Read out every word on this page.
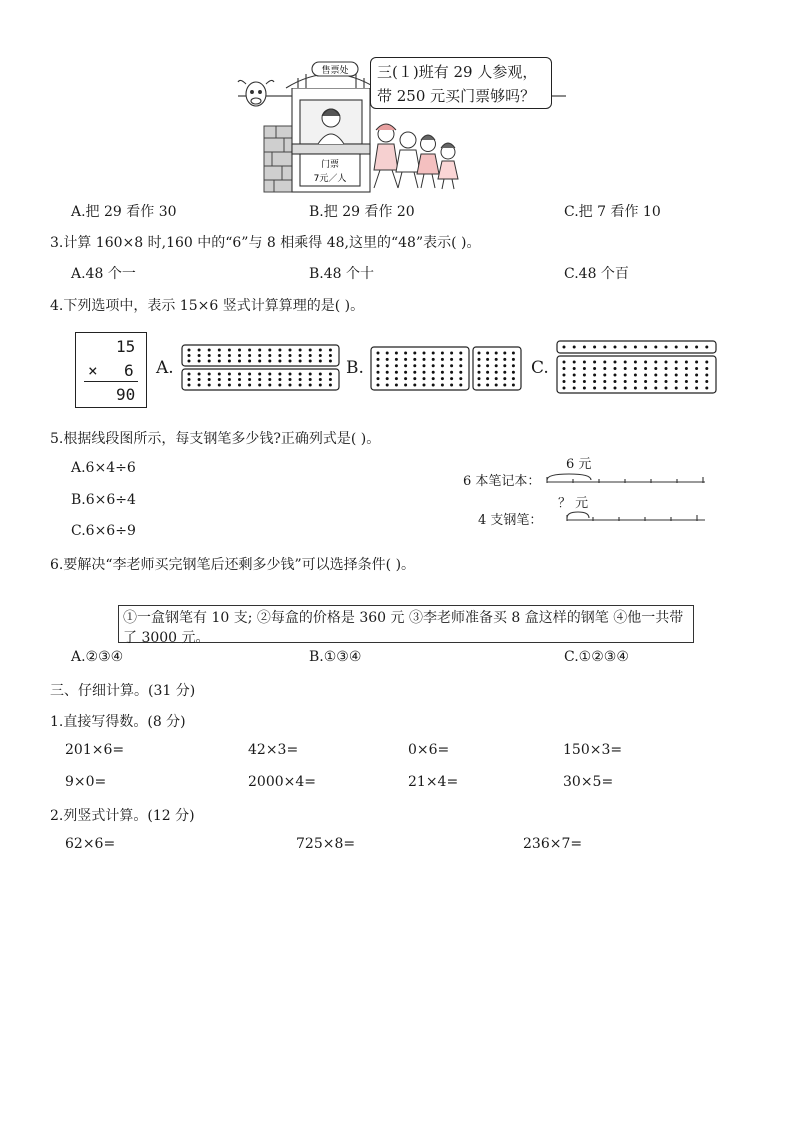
售票处
门票
7元／人
三(１)班有 29 人参观，
带 250 元买门票够吗？
A.把 29 看作 30	B.把 29 看作 20	C.把 7 看作 10
3.计算 160×8 时,160 中的“6”与 8 相乘得 48,这里的“48”表示( )。
A.48 个一	B.48 个十	C.48 个百
4.下列选项中，表示 15×6 竖式计算算理的是( )。
15
× 6
90
A.	B.	C.
5.根据线段图所示，每支钢笔多少钱?正确列式是( )。
A.6×4÷6
B.6×6÷4
C.6×6÷9
6 本笔记本：
6 元
4 支钢笔：
？ 元
6.要解决“李老师买完钢笔后还剩多少钱”可以选择条件( )。
①一盒钢笔有 10 支; ②每盒的价格是 360 元 ③李老师准备买 8 盒这样的钢笔 ④他一共带了 3000 元。
A.②③④	B.①③④	C.①②③④
三、仔细计算。(31 分)
1.直接写得数。(8 分)
201×6=	42×3=	0×6=	150×3=
9×0=	2000×4=	21×4=	30×5=
2.列竖式计算。(12 分)
62×6=	725×8=	236×7=
